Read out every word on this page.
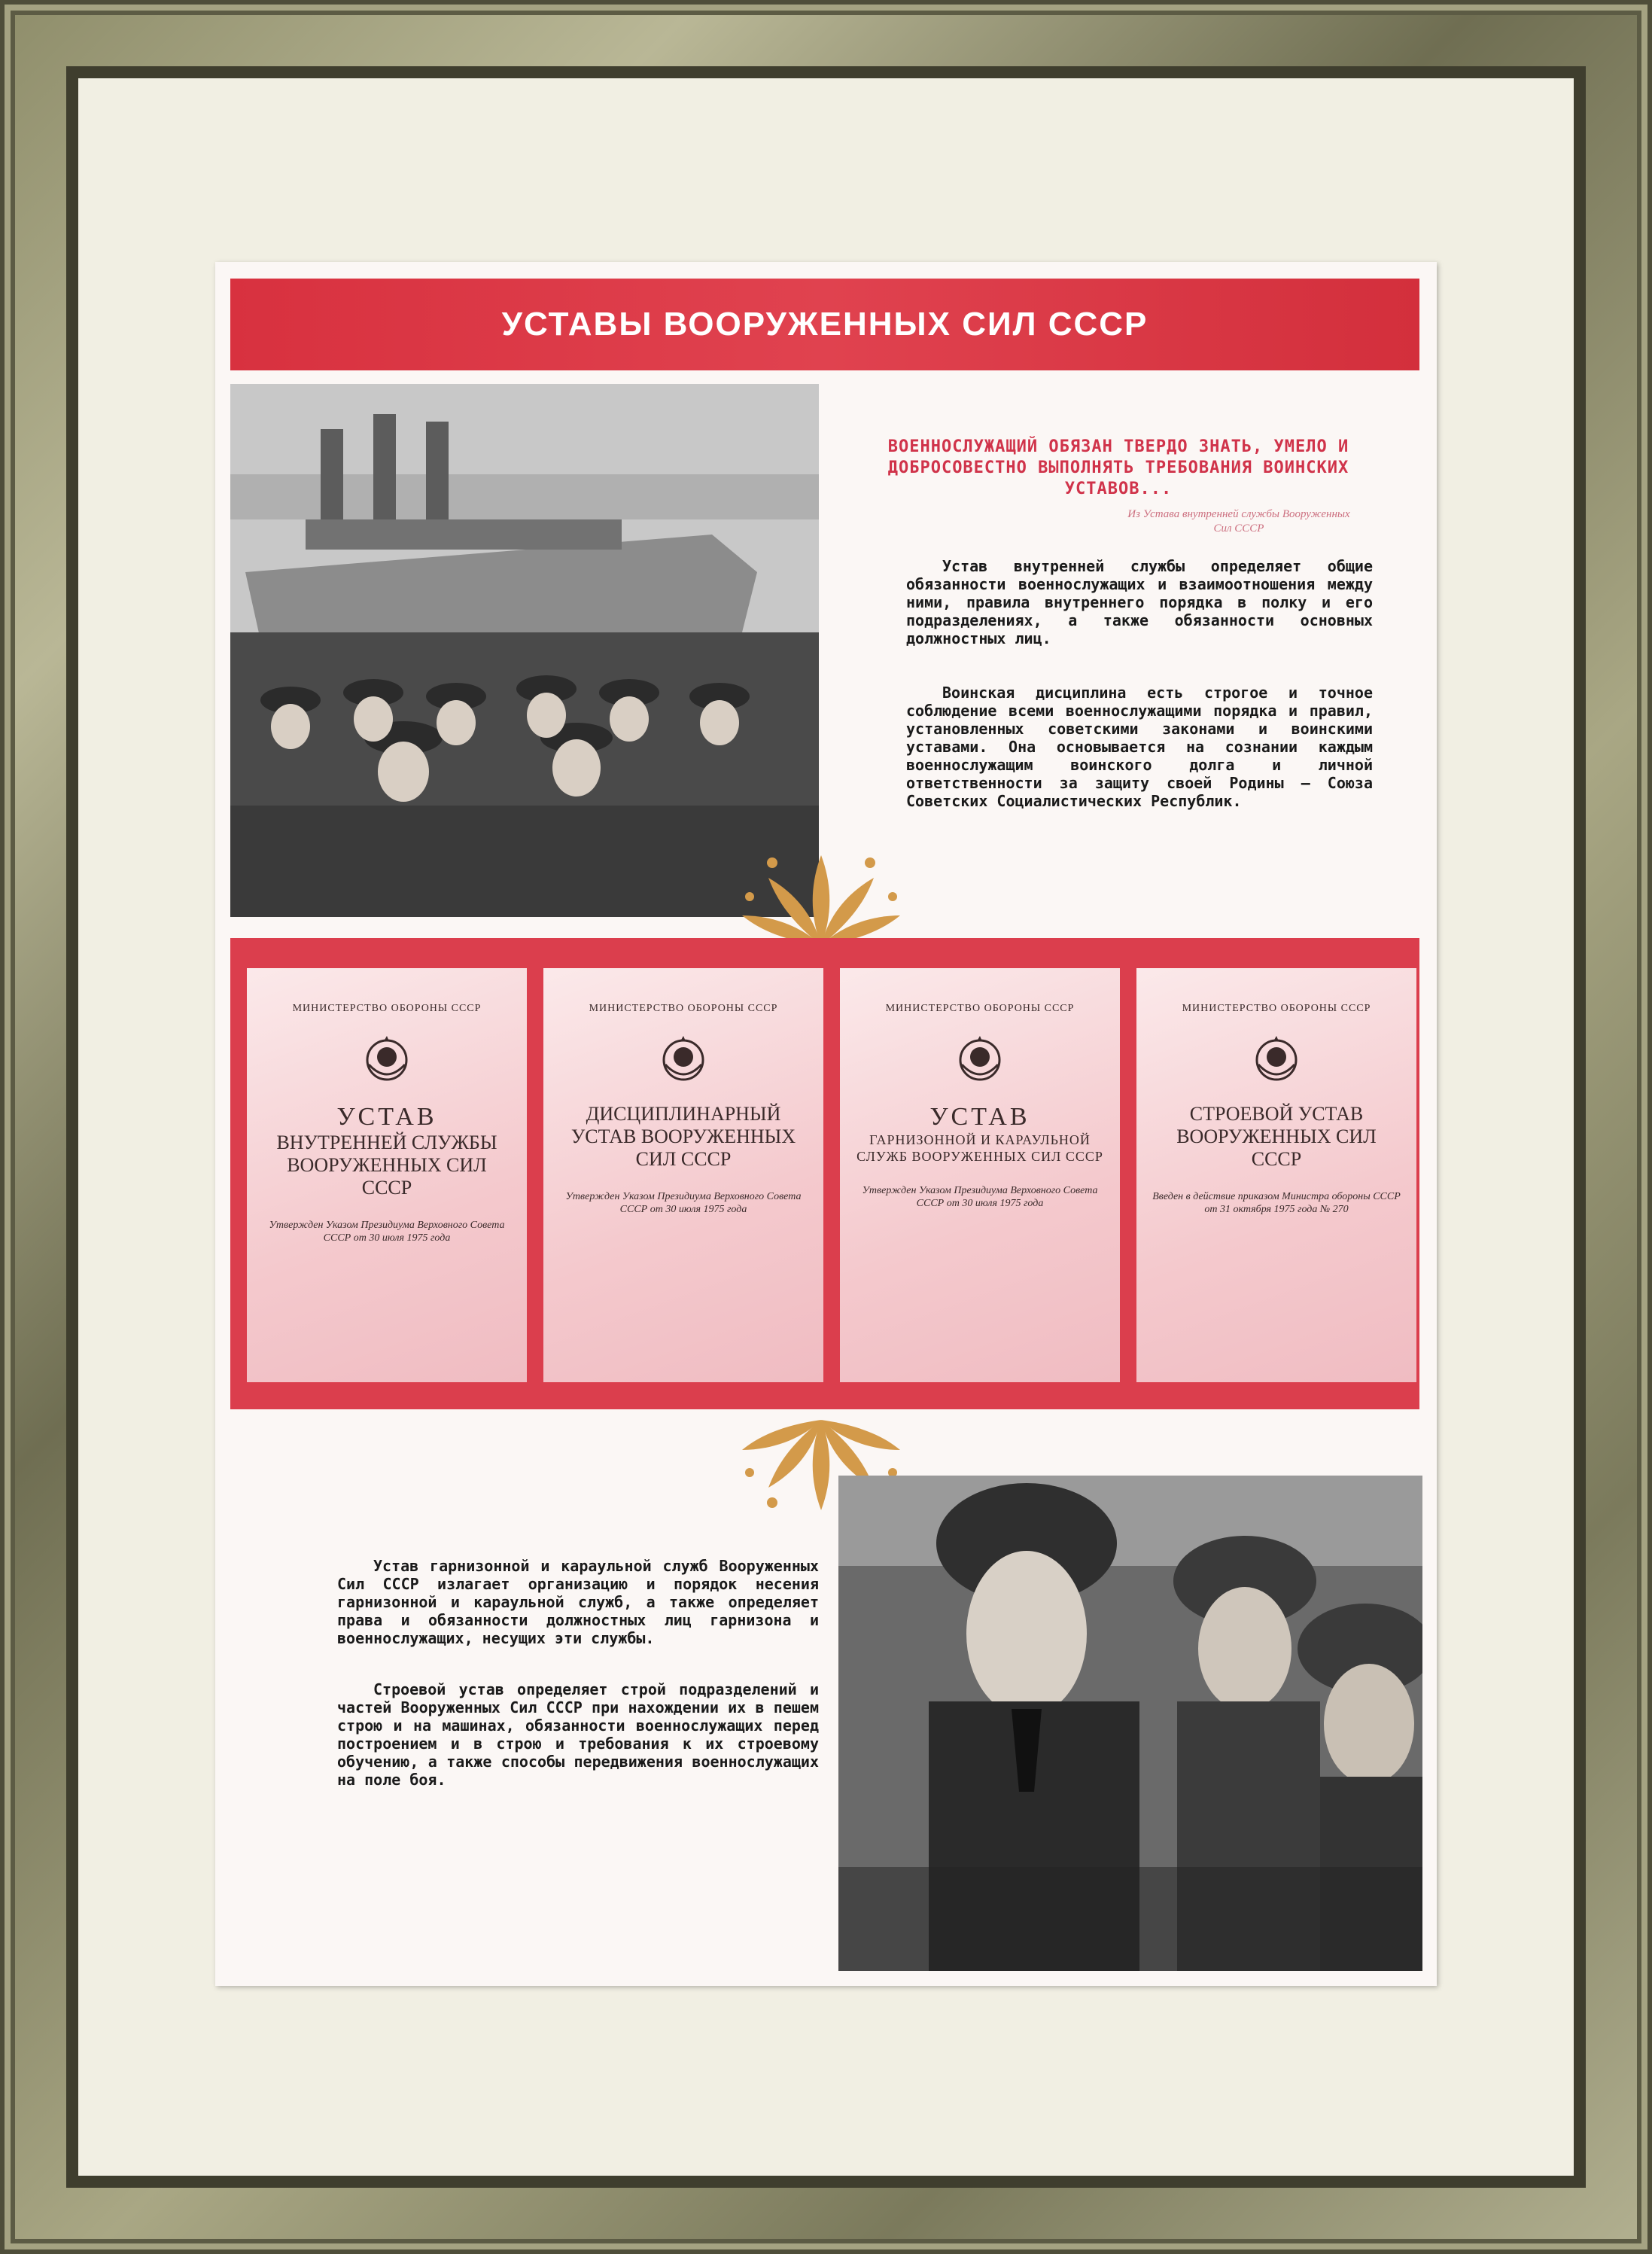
УСТАВЫ ВООРУЖЕННЫХ СИЛ СССР
ВОЕННОСЛУЖАЩИЙ ОБЯЗАН ТВЕРДО ЗНАТЬ, УМЕЛО И ДОБРОСОВЕСТНО ВЫПОЛНЯТЬ ТРЕБОВАНИЯ ВОИНСКИХ УСТАВОВ...
Из Устава внутренней службы Вооруженных Сил СССР
Устав внутренней службы определяет общие обязанности военнослужащих и взаимоотношения между ними, правила внутреннего порядка в полку и его подразделениях, а также обязанности основных должностных лиц.
Воинская дисциплина есть строгое и точное соблюдение всеми военнослужащими порядка и правил, установленных советскими законами и воинскими уставами. Она основывается на сознании каждым военнослужащим воинского долга и личной ответственности за защиту своей Родины — Союза Советских Социалистических Республик.
МИНИСТЕРСТВО ОБОРОНЫ СССР
УСТАВ
ВНУТРЕННЕЙ СЛУЖБЫ ВООРУЖЕННЫХ СИЛ СССР
Утвержден Указом Президиума Верховного Совета СССР от 30 июля 1975 года
МИНИСТЕРСТВО ОБОРОНЫ СССР
ДИСЦИПЛИНАРНЫЙ УСТАВ ВООРУЖЕННЫХ СИЛ СССР
Утвержден Указом Президиума Верховного Совета СССР от 30 июля 1975 года
МИНИСТЕРСТВО ОБОРОНЫ СССР
УСТАВ
ГАРНИЗОННОЙ И КАРАУЛЬНОЙ СЛУЖБ ВООРУЖЕННЫХ СИЛ СССР
Утвержден Указом Президиума Верховного Совета СССР от 30 июля 1975 года
МИНИСТЕРСТВО ОБОРОНЫ СССР
СТРОЕВОЙ УСТАВ ВООРУЖЕННЫХ СИЛ СССР
Введен в действие приказом Министра обороны СССР от 31 октября 1975 года № 270
Устав гарнизонной и караульной служб Вооруженных Сил СССР излагает организацию и порядок несения гарнизонной и караульной служб, а также определяет права и обязанности должностных лиц гарнизона и военнослужащих, несущих эти службы.
Строевой устав определяет строй подразделений и частей Вооруженных Сил СССР при нахождении их в пешем строю и на машинах, обязанности военнослужащих перед построением и в строю и требования к их строевому обучению, а также способы передвижения военнослужащих на поле боя.
